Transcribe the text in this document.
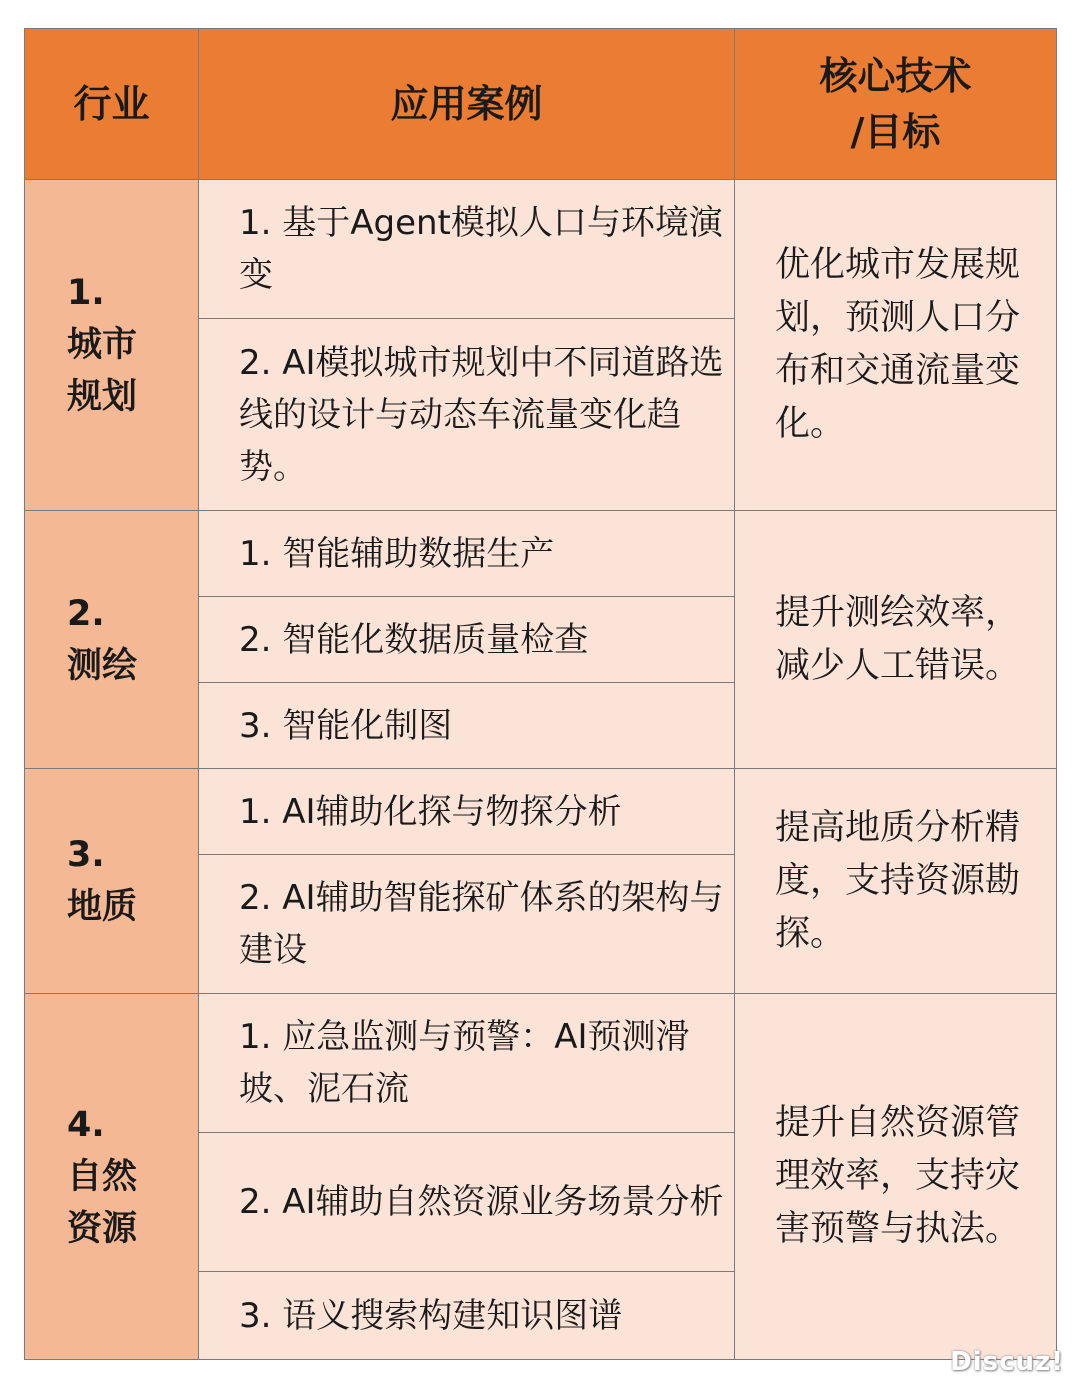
行业	应用案例	核心技术
/目标

1.
城市
规划	1. 基于Agent模拟人口与环境演变	优化城市发展规划，预测人口分布和交通流量变化。
	2. AI模拟城市规划中不同道路选线的设计与动态车流量变化趋势。	

2.
测绘	1. 智能辅助数据生产	提升测绘效率，减少人工错误。
	2. 智能化数据质量检查	
	3. 智能化制图	

3.
地质	1. AI辅助化探与物探分析	提高地质分析精度，支持资源勘探。
	2. AI辅助智能探矿体系的架构与建设	

4.
自然
资源	1. 应急监测与预警：AI预测滑坡、泥石流	提升自然资源管理效率，支持灾害预警与执法。
	2. AI辅助自然资源业务场景分析	
	3. 语义搜索构建知识图谱	
Discuz!
